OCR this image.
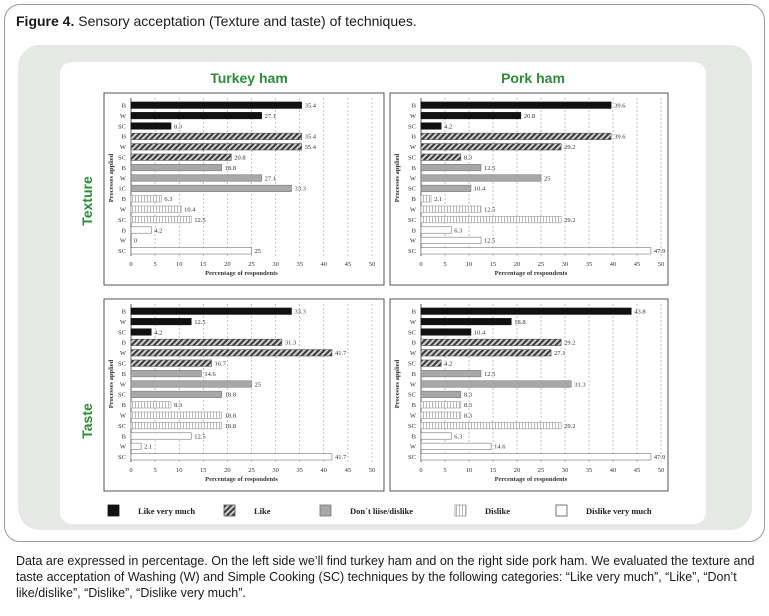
Figure 4. Sensory acceptation (Texture and taste) of techniques.
Turkey ham	Pork ham
Texture
Taste
35.4
B
27.1
W
8.3
SC
35.4
B
35.4
W
20.8
SC
18.8
B
27.1
W
33.3
1C
6.3
B
10.4
W
12.5
SC
4.2
B
0
W
25
SC
0	5	10	15	20	25	30	35	40	45	50
Percentage of respondents
Processes applied
39.6
B
20.8
W
4.2
SC
39.6
B
29.2
W
8.3
SC
12.5
B
25
W
10.4
SC
2.1
B
12.5
W
29.2
SC
6.3
B
12.5
W
47.9
SC
0	5	10	15	20	25	30	35	40	45	50
Percentage of respondents
Processes applied
33.3
B
12.5
W
4.2
SC
31.3
B
41.7
W
16.7
SC
14.6
B
25
W
18.8
SC
8.3
B
18.8
W
18.8
SC
12.5
B
2.1
W
41.7
SC
0	5	10	15	20	25	30	35	40	45	50
Percentage of respondents
Processes applied
43.8
B
18.8
W
10.4
SC
29.2
B
27.1
W
4.2
SC
12.5
B
31.3
W
8.3
SC
8.3
B
8.3
W
29.2
SC
6.3
B
14.6
W
47.9
SC
0	5	10	15	20	25	30	35	40	45	50
Percentage of respondents
Processes applied
Like very much	Like	Don´t liise/dislike	Dislike	Dislike very much
Data are expressed in percentage. On the left side we’ll find turkey ham and on the right side pork ham. We evaluated the texture and taste acceptation of Washing (W) and Simple Cooking (SC) techniques by the following categories: “Like very much”, “Like”, “Don’t like/dislike”, “Dislike”, “Dislike very much”.
